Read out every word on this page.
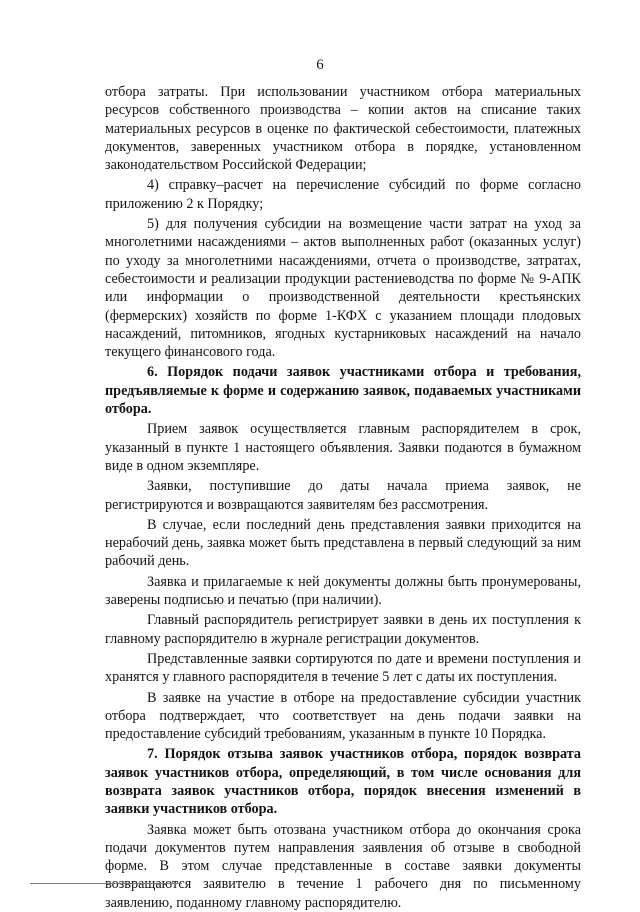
6

отбора затраты. При использовании участником отбора материальных ресурсов собственного производства – копии актов на списание таких материальных ресурсов в оценке по фактической себестоимости, платежных документов, заверенных участником отбора в порядке, установленном законодательством Российской Федерации;

4) справку–расчет на перечисление субсидий по форме согласно приложению 2 к Порядку;

5) для получения субсидии на возмещение части затрат на уход за многолетними насаждениями – актов выполненных работ (оказанных услуг) по уходу за многолетними насаждениями, отчета о производстве, затратах, себестоимости и реализации продукции растениеводства по форме № 9-АПК или информации о производственной деятельности крестьянских (фермерских) хозяйств по форме 1-КФХ с указанием площади плодовых насаждений, питомников, ягодных кустарниковых насаждений на начало текущего финансового года.

6. Порядок подачи заявок участниками отбора и требования, предъявляемые к форме и содержанию заявок, подаваемых участниками отбора.

Прием заявок осуществляется главным распорядителем в срок, указанный в пункте 1 настоящего объявления. Заявки подаются в бумажном виде в одном экземпляре.

Заявки, поступившие до даты начала приема заявок, не регистрируются и возвращаются заявителям без рассмотрения.

В случае, если последний день представления заявки приходится на нерабочий день, заявка может быть представлена в первый следующий за ним рабочий день.

Заявка и прилагаемые к ней документы должны быть пронумерованы, заверены подписью и печатью (при наличии).

Главный распорядитель регистрирует заявки в день их поступления к главному распорядителю в журнале регистрации документов.

Представленные заявки сортируются по дате и времени поступления и хранятся у главного распорядителя в течение 5 лет с даты их поступления.

В заявке на участие в отборе на предоставление субсидии участник отбора подтверждает, что соответствует на день подачи заявки на предоставление субсидий требованиям, указанным в пункте 10 Порядка.

7. Порядок отзыва заявок участников отбора, порядок возврата заявок участников отбора, определяющий, в том числе основания для возврата заявок участников отбора, порядок внесения изменений в заявки участников отбора.

Заявка может быть отозвана участником отбора до окончания срока подачи документов путем направления заявления об отзыве в свободной форме. В этом случае представленные в составе заявки документы возвращаются заявителю в течение 1 рабочего дня по письменному заявлению, поданному главному распорядителю.
